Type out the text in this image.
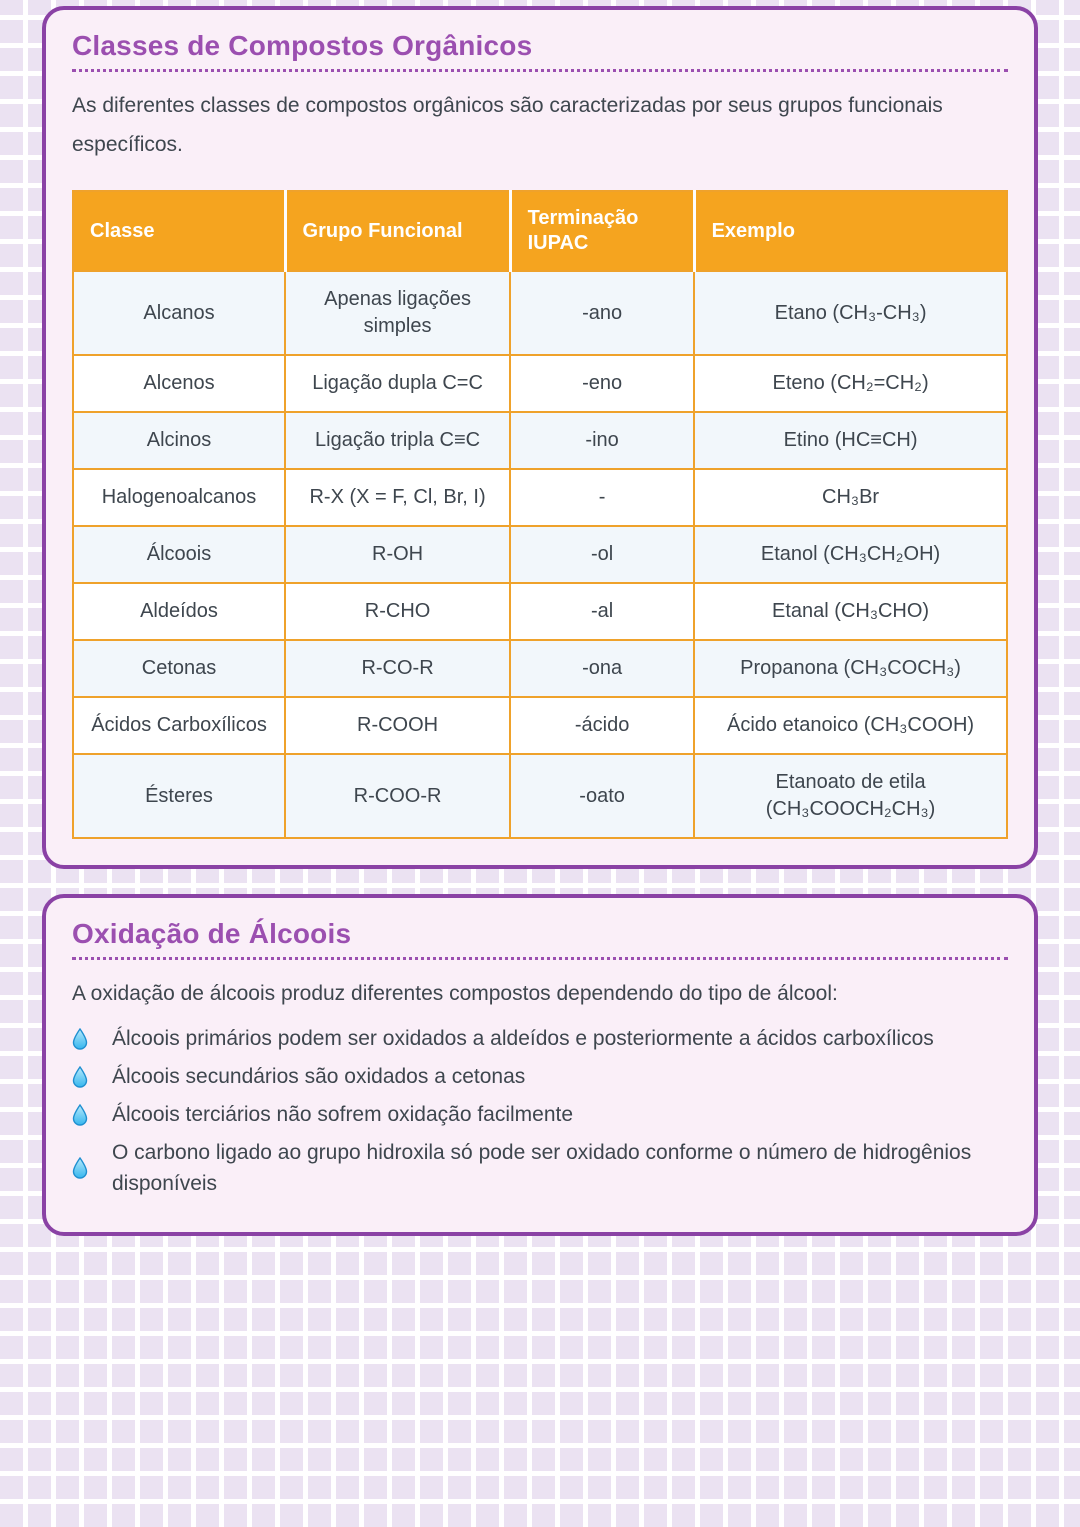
Classes de Compostos Orgânicos

As diferentes classes de compostos orgânicos são caracterizadas por seus grupos funcionais específicos.

Classe	Grupo Funcional	Terminação IUPAC	Exemplo
Alcanos	Apenas ligações simples	-ano	Etano (CH₃-CH₃)
Alcenos	Ligação dupla C=C	-eno	Eteno (CH₂=CH₂)
Alcinos	Ligação tripla C≡C	-ino	Etino (HC≡CH)
Halogenoalcanos	R-X (X = F, Cl, Br, I)	-	CH₃Br
Álcoois	R-OH	-ol	Etanol (CH₃CH₂OH)
Aldeídos	R-CHO	-al	Etanal (CH₃CHO)
Cetonas	R-CO-R	-ona	Propanona (CH₃COCH₃)
Ácidos Carboxílicos	R-COOH	-ácido	Ácido etanoico (CH₃COOH)
Ésteres	R-COO-R	-oato	Etanoato de etila (CH₃COOCH₂CH₃)
Oxidação de Álcoois

A oxidação de álcoois produz diferentes compostos dependendo do tipo de álcool:

Álcoois primários podem ser oxidados a aldeídos e posteriormente a ácidos carboxílicos
Álcoois secundários são oxidados a cetonas
Álcoois terciários não sofrem oxidação facilmente
O carbono ligado ao grupo hidroxila só pode ser oxidado conforme o número de hidrogênios disponíveis
